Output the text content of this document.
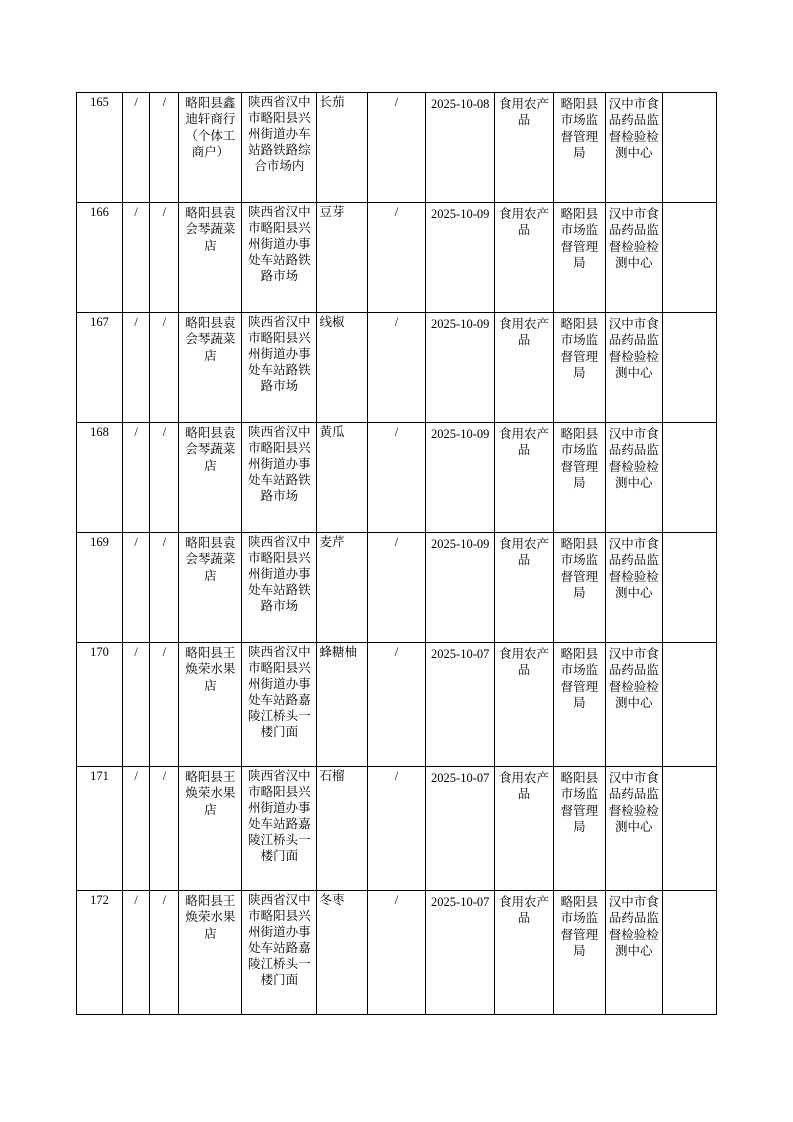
165	/	/	略阳县鑫迪轩商行（个体工商户）	陕西省汉中市略阳县兴州街道办车站路铁路综合市场内	长茄	/	2025-10-08	食用农产品	略阳县市场监督管理局	汉中市食品药品监督检验检测中心	

166	/	/	略阳县袁会琴蔬菜店	陕西省汉中市略阳县兴州街道办事处车站路铁路市场	豆芽	/	2025-10-09	食用农产品	略阳县市场监督管理局	汉中市食品药品监督检验检测中心	

167	/	/	略阳县袁会琴蔬菜店	陕西省汉中市略阳县兴州街道办事处车站路铁路市场	线椒	/	2025-10-09	食用农产品	略阳县市场监督管理局	汉中市食品药品监督检验检测中心	

168	/	/	略阳县袁会琴蔬菜店	陕西省汉中市略阳县兴州街道办事处车站路铁路市场	黄瓜	/	2025-10-09	食用农产品	略阳县市场监督管理局	汉中市食品药品监督检验检测中心	

169	/	/	略阳县袁会琴蔬菜店	陕西省汉中市略阳县兴州街道办事处车站路铁路市场	麦芹	/	2025-10-09	食用农产品	略阳县市场监督管理局	汉中市食品药品监督检验检测中心	

170	/	/	略阳县王焕荣水果店	陕西省汉中市略阳县兴州街道办事处车站路嘉陵江桥头一楼门面	蜂糖柚	/	2025-10-07	食用农产品	略阳县市场监督管理局	汉中市食品药品监督检验检测中心	

171	/	/	略阳县王焕荣水果店	陕西省汉中市略阳县兴州街道办事处车站路嘉陵江桥头一楼门面	石榴	/	2025-10-07	食用农产品	略阳县市场监督管理局	汉中市食品药品监督检验检测中心	

172	/	/	略阳县王焕荣水果店	陕西省汉中市略阳县兴州街道办事处车站路嘉陵江桥头一楼门面	冬枣	/	2025-10-07	食用农产品	略阳县市场监督管理局	汉中市食品药品监督检验检测中心	
